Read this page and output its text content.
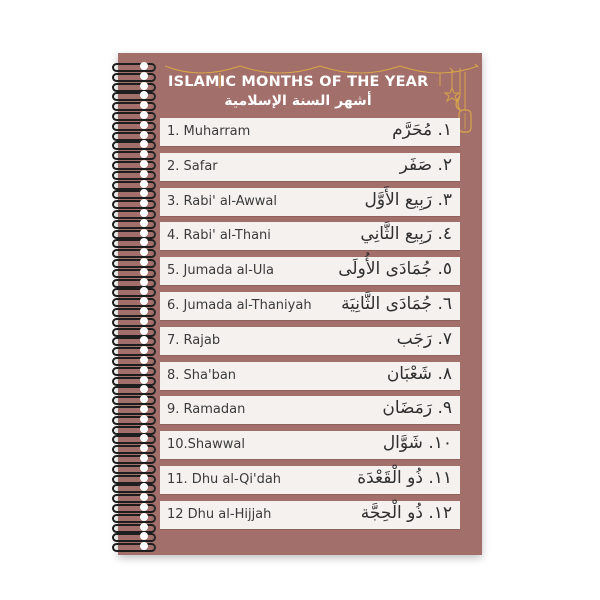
ISLAMIC MONTHS OF THE YEAR
أشهر السنة الإسلامية
1. Muharram	١. مُحَرَّم
2. Safar	٢. صَفَر
3. Rabi' al-Awwal	٣. رَبِيع الأَوَّل
4. Rabi' al-Thani	٤. رَبِيع الثَّانِي
5. Jumada al-Ula	٥. جُمَادَى الأُولَى
6. Jumada al-Thaniyah ٦. جُمَادَى الثَّانِيَة
7. Rajab	٧. رَجَب
8. Sha'ban	٨. شَعْبَان
9. Ramadan	٩. رَمَضَان
10.Shawwal	١٠. شَوَّال
11. Dhu al-Qi'dah	١١. ذُو الْقَعْدَة
12 Dhu al-Hijjah	١٢. ذُو الْحِجَّة
